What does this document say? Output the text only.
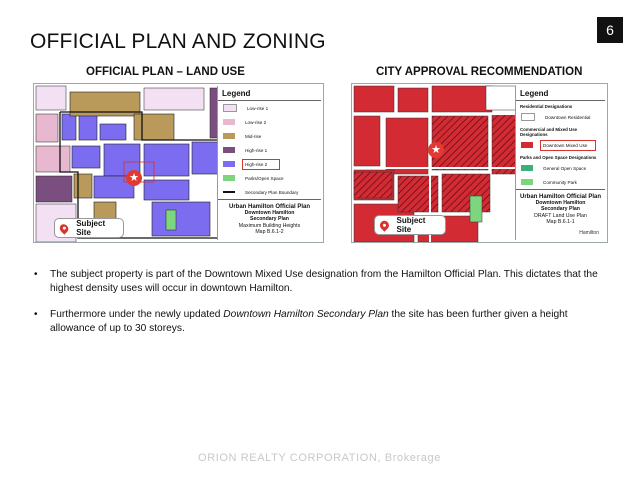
OFFICIAL PLAN AND ZONING	6
OFFICIAL PLAN – LAND USE
★
Legend
Low-rise 1
Low-rise 2
Mid-rise
High-rise 1
High-rise 2
Parks/Open Space
Secondary Plan Boundary
Urban Hamilton Official Plan
Downtown Hamilton
Secondary Plan
Maximum Building Heights
Map B.6.1-2
Subject Site
CITY APPROVAL RECOMMENDATION
★
Legend
Residential Designations
Downtown Residential
Commercial and Mixed Use Designations
Downtown Mixed Use
Parks and Open Space Designations
General Open Space
Community Park
Urban Hamilton Official Plan
Downtown Hamilton
Secondary Plan
DRAFT Land Use Plan
Map B.6.1-1
Hamilton
Subject Site
•	The subject property is part of the Downtown Mixed Use designation from the Hamilton Official Plan. This dictates that the highest density uses will occur in downtown Hamilton.
•	Furthermore under the newly updated Downtown Hamilton Secondary Plan the site has been further given a height allowance of up to 30 storeys.
ORION REALTY CORPORATION, Brokerage
